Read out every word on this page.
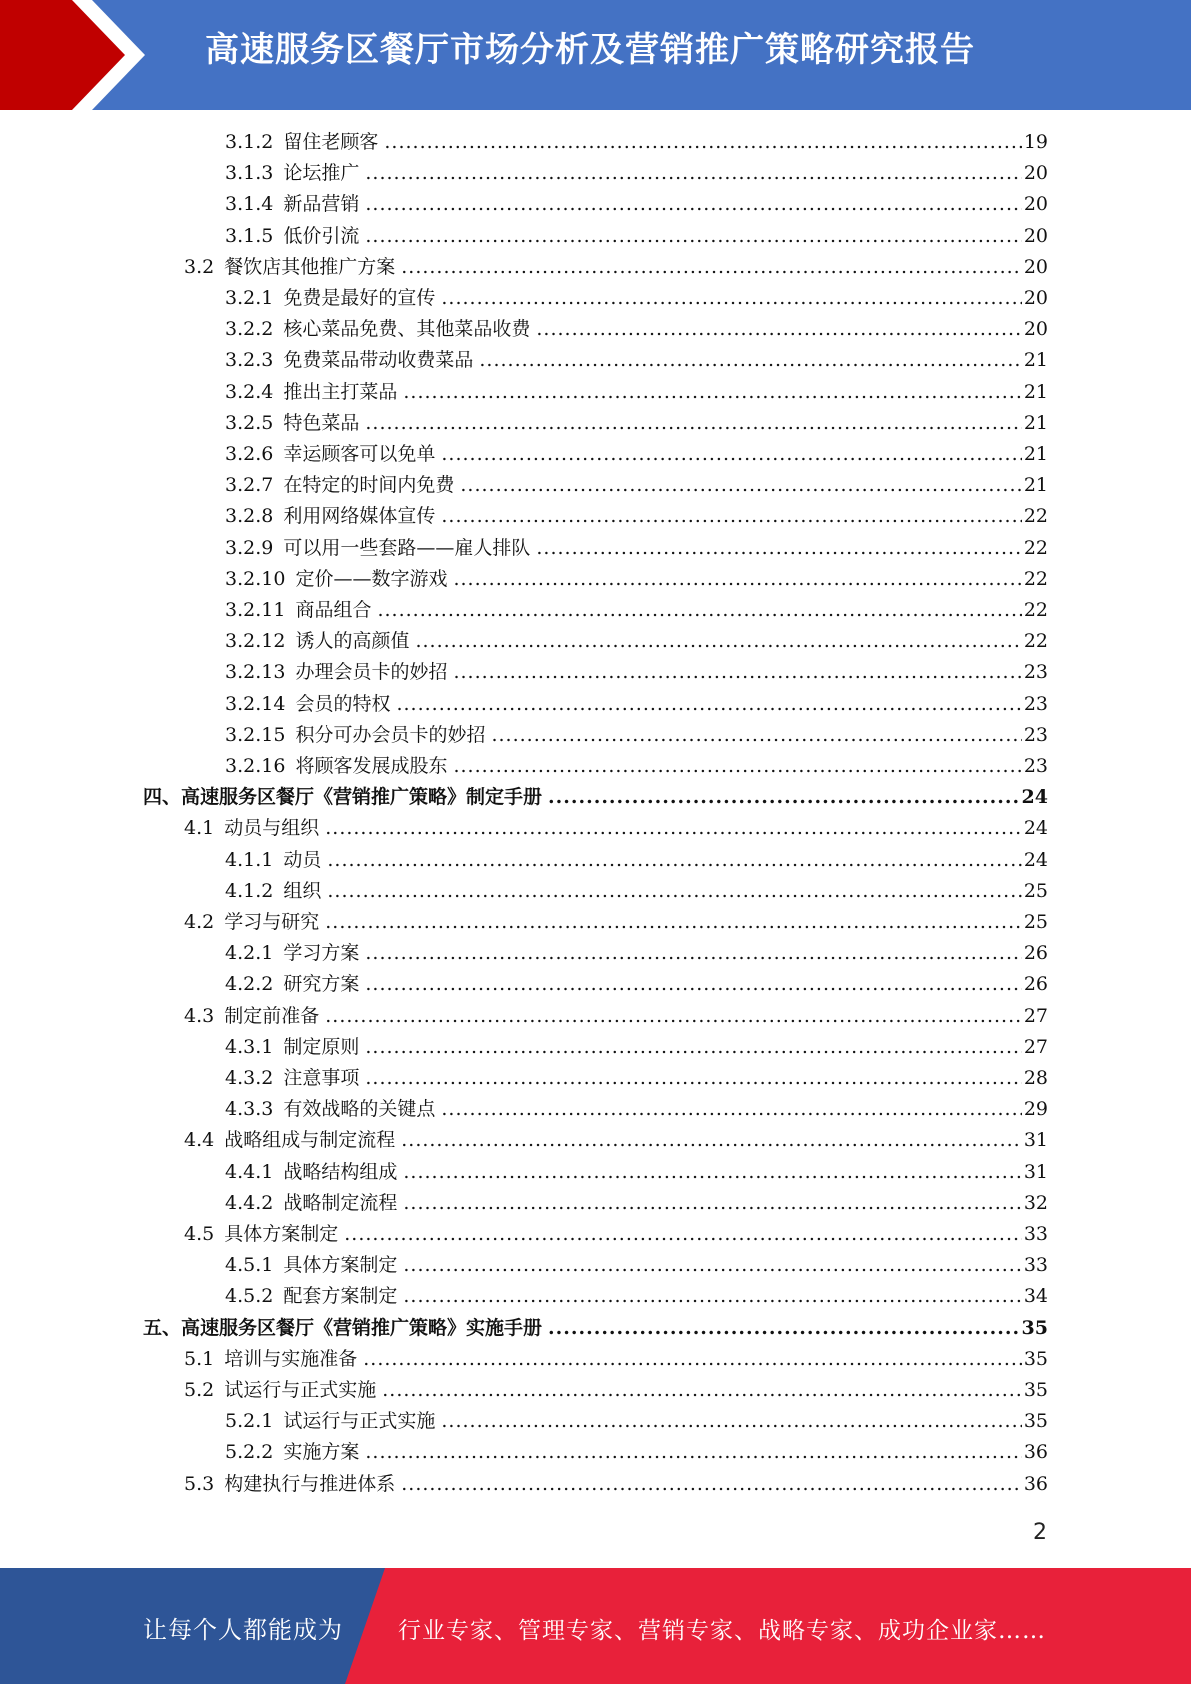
高速服务区餐厅市场分析及营销推广策略研究报告
3.1.2 留住老顾客 .....	19
3.1.3 论坛推广 .....	20
3.1.4 新品营销 .....	20
3.1.5 低价引流 .....	20
3.2 餐饮店其他推广方案 .....	20
3.2.1 免费是最好的宣传 .....	20
3.2.2 核心菜品免费、其他菜品收费 .....	20
3.2.3 免费菜品带动收费菜品 .....	21
3.2.4 推出主打菜品 .....	21
3.2.5 特色菜品 .....	21
3.2.6 幸运顾客可以免单 .....	21
3.2.7 在特定的时间内免费 .....	21
3.2.8 利用网络媒体宣传 .....	22
3.2.9 可以用一些套路——雇人排队 .....	22
3.2.10 定价——数字游戏 .....	22
3.2.11 商品组合 .....	22
3.2.12 诱人的高颜值 .....	22
3.2.13 办理会员卡的妙招 .....	23
3.2.14 会员的特权 .....	23
3.2.15 积分可办会员卡的妙招 .....	23
3.2.16 将顾客发展成股东 .....	23
四、高速服务区餐厅《营销推广策略》制定手册 .....	24
4.1 动员与组织 .....	24
4.1.1 动员 .....	24
4.1.2 组织 .....	25
4.2 学习与研究 .....	25
4.2.1 学习方案 .....	26
4.2.2 研究方案 .....	26
4.3 制定前准备 .....	27
4.3.1 制定原则 .....	27
4.3.2 注意事项 .....	28
4.3.3 有效战略的关键点 .....	29
4.4 战略组成与制定流程 .....	31
4.4.1 战略结构组成 .....	31
4.4.2 战略制定流程 .....	32
4.5 具体方案制定 .....	33
4.5.1 具体方案制定 .....	33
4.5.2 配套方案制定 .....	34
五、高速服务区餐厅《营销推广策略》实施手册 .....	35
5.1 培训与实施准备 .....	35
5.2 试运行与正式实施 .....	35
5.2.1 试运行与正式实施 .....	35
5.2.2 实施方案 .....	36
5.3 构建执行与推进体系 .....	36
2
让每个人都能成为 行业专家、管理专家、营销专家、战略专家、成功企业家……
